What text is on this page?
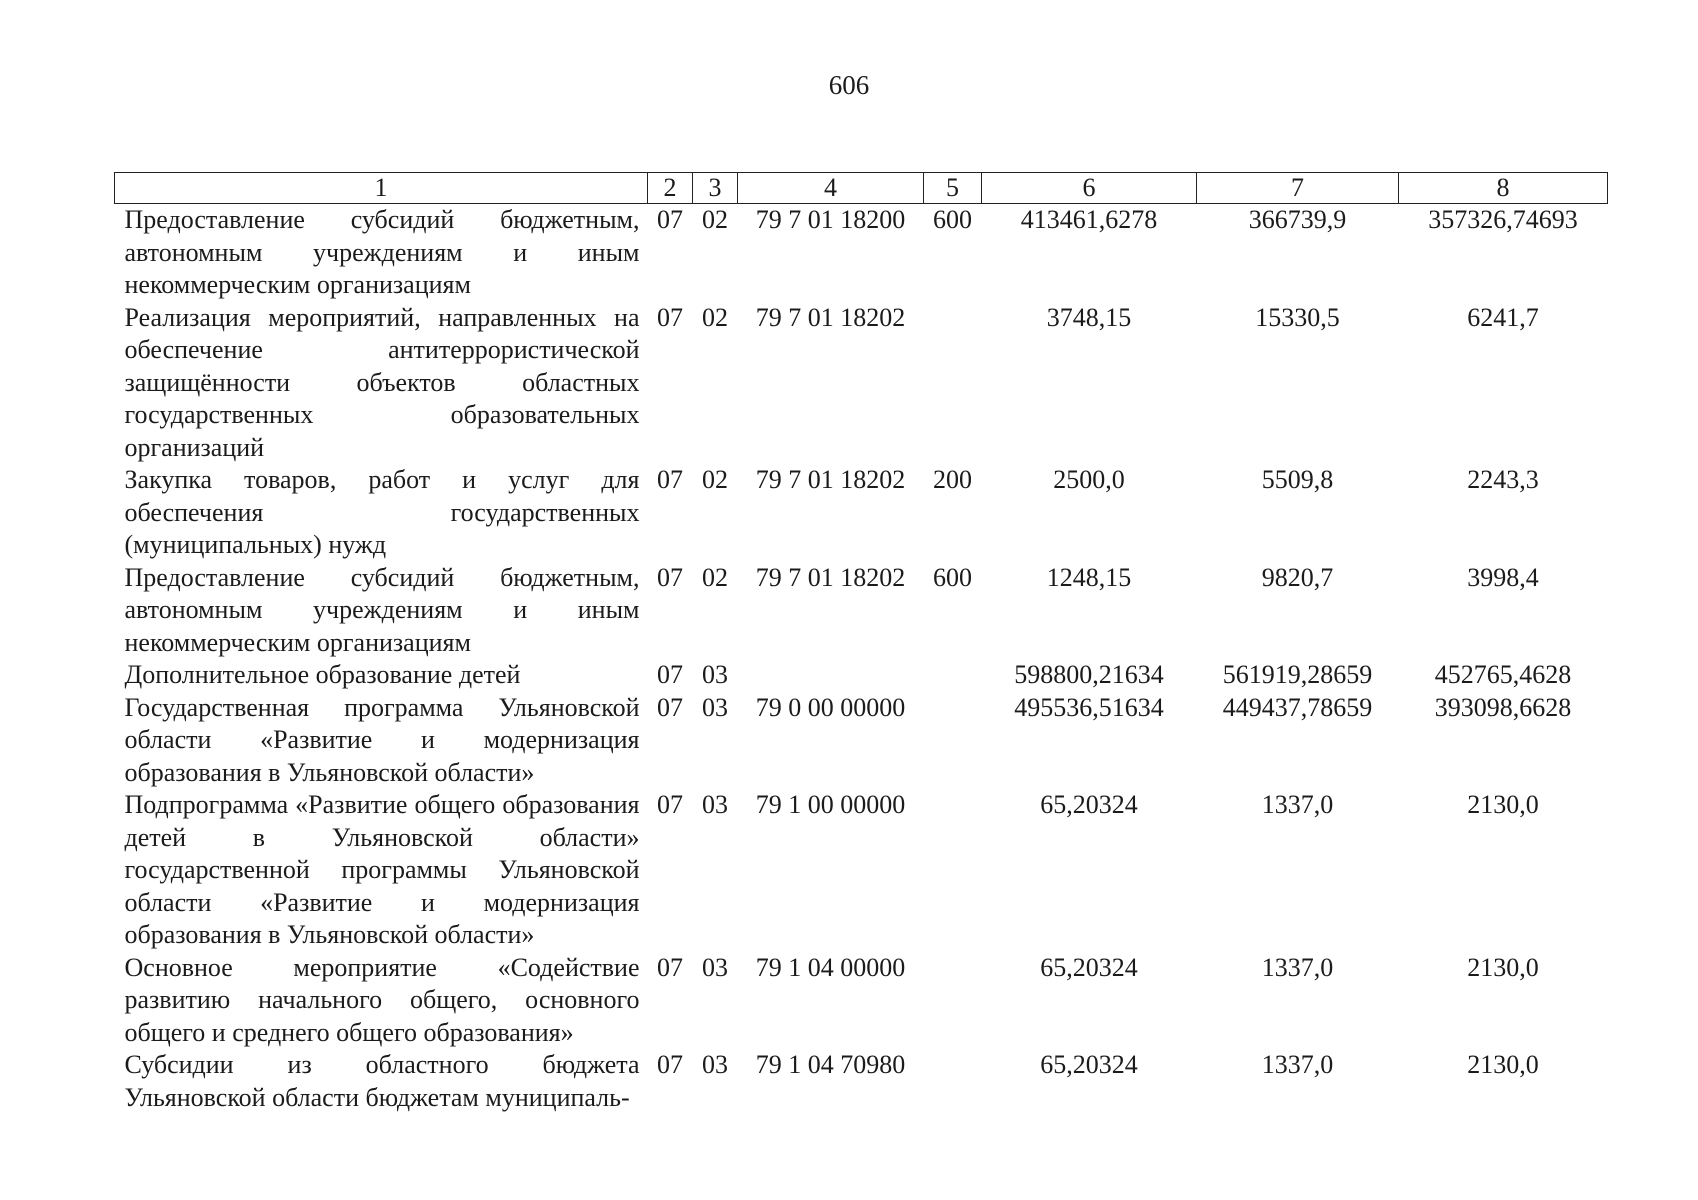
606
1	2	3	4	5	6	7	8
Предоставление субсидий бюджетным, автономным учреждениям и иным некоммерческим организациям	07	02	79 7 01 18200	600	413461,6278	366739,9	357326,74693
Реализация мероприятий, направленных на обеспечение антитеррористической защищённости объектов областных государственных образовательных организаций	07	02	79 7 01 18202		3748,15	15330,5	6241,7
Закупка товаров, работ и услуг для обеспечения государственных (муниципальных) нужд	07	02	79 7 01 18202	200	2500,0	5509,8	2243,3
Предоставление субсидий бюджетным, автономным учреждениям и иным некоммерческим организациям	07	02	79 7 01 18202	600	1248,15	9820,7	3998,4
Дополнительное образование детей	07	03			598800,21634	561919,28659	452765,4628
Государственная программа Ульяновской области «Развитие и модернизация образования в Ульяновской области»	07	03	79 0 00 00000		495536,51634	449437,78659	393098,6628
Подпрограмма «Развитие общего образования детей в Ульяновской области» государственной программы Ульяновской области «Развитие и модернизация образования в Ульяновской области»	07	03	79 1 00 00000		65,20324	1337,0	2130,0
Основное мероприятие «Содействие развитию начального общего, основного общего и среднего общего образования»	07	03	79 1 04 00000		65,20324	1337,0	2130,0
Субсидии из областного бюджета Ульяновской области бюджетам муниципаль-	07	03	79 1 04 70980		65,20324	1337,0	2130,0
